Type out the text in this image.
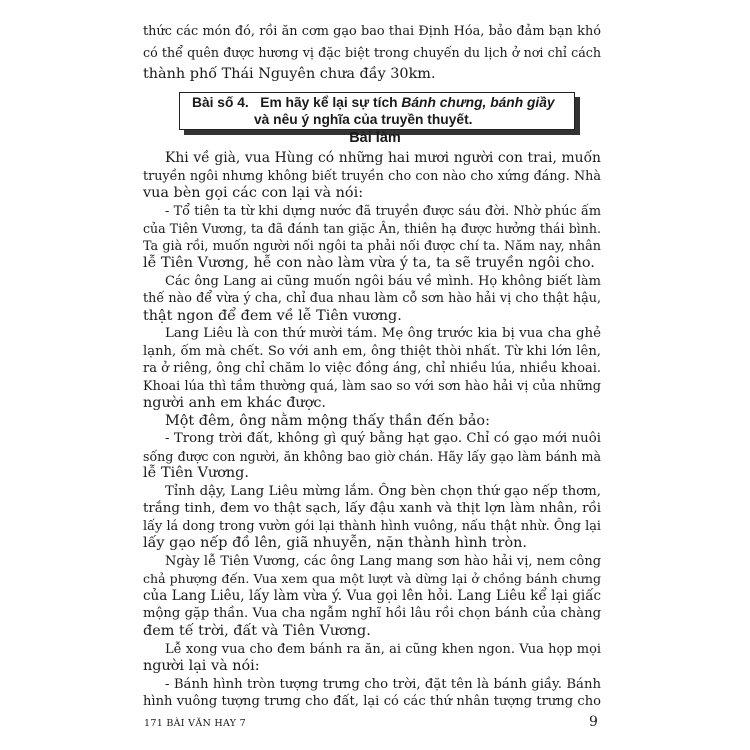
thức các món đó, rồi ăn cơm gạo bao thai Định Hóa, bảo đảm bạn khó
có thể quên được hương vị đặc biệt trong chuyến du lịch ở nơi chỉ cách
thành phố Thái Nguyên chưa đầy 30km.
Bài số 4. Em hãy kể lại sự tích Bánh chưng, bánh giầy
và nêu ý nghĩa của truyền thuyết.
Bài làm
Khi về già, vua Hùng có những hai mươi người con trai, muốn
truyền ngôi nhưng không biết truyền cho con nào cho xứng đáng. Nhà
vua bèn gọi các con lại và nói:
- Tổ tiên ta từ khi dựng nước đã truyền được sáu đời. Nhờ phúc ấm
của Tiên Vương, ta đã đánh tan giặc Ân, thiên hạ được hưởng thái bình.
Ta già rồi, muốn người nối ngôi ta phải nối được chí ta. Năm nay, nhân
lễ Tiên Vương, hễ con nào làm vừa ý ta, ta sẽ truyền ngôi cho.
Các ông Lang ai cũng muốn ngôi báu về mình. Họ không biết làm
thế nào để vừa ý cha, chỉ đua nhau làm cỗ sơn hào hải vị cho thật hậu,
thật ngon để đem về lễ Tiên vương.
Lang Liêu là con thứ mười tám. Mẹ ông trước kia bị vua cha ghẻ
lạnh, ốm mà chết. So với anh em, ông thiệt thòi nhất. Từ khi lớn lên,
ra ở riêng, ông chỉ chăm lo việc đồng áng, chỉ nhiều lúa, nhiều khoai.
Khoai lúa thì tầm thường quá, làm sao so với sơn hào hải vị của những
người anh em khác được.
Một đêm, ông nằm mộng thấy thần đến bảo:
- Trong trời đất, không gì quý bằng hạt gạo. Chỉ có gạo mới nuôi
sống được con người, ăn không bao giờ chán. Hãy lấy gạo làm bánh mà
lễ Tiên Vương.
Tỉnh dậy, Lang Liêu mừng lắm. Ông bèn chọn thứ gạo nếp thơm,
trắng tinh, đem vo thật sạch, lấy đậu xanh và thịt lợn làm nhân, rồi
lấy lá dong trong vườn gói lại thành hình vuông, nấu thật nhừ. Ông lại
lấy gạo nếp đồ lên, giã nhuyễn, nặn thành hình tròn.
Ngày lễ Tiên Vương, các ông Lang mang sơn hào hải vị, nem công
chả phượng đến. Vua xem qua một lượt và dừng lại ở chồng bánh chưng
của Lang Liêu, lấy làm vừa ý. Vua gọi lên hỏi. Lang Liêu kể lại giấc
mộng gặp thần. Vua cha ngẫm nghĩ hồi lâu rồi chọn bánh của chàng
đem tế trời, đất và Tiên Vương.
Lễ xong vua cho đem bánh ra ăn, ai cũng khen ngon. Vua họp mọi
người lại và nói:
- Bánh hình tròn tượng trưng cho trời, đặt tên là bánh giầy. Bánh
hình vuông tượng trưng cho đất, lại có các thứ nhân tượng trưng cho
171 BÀI VĂN HAY 7	9
